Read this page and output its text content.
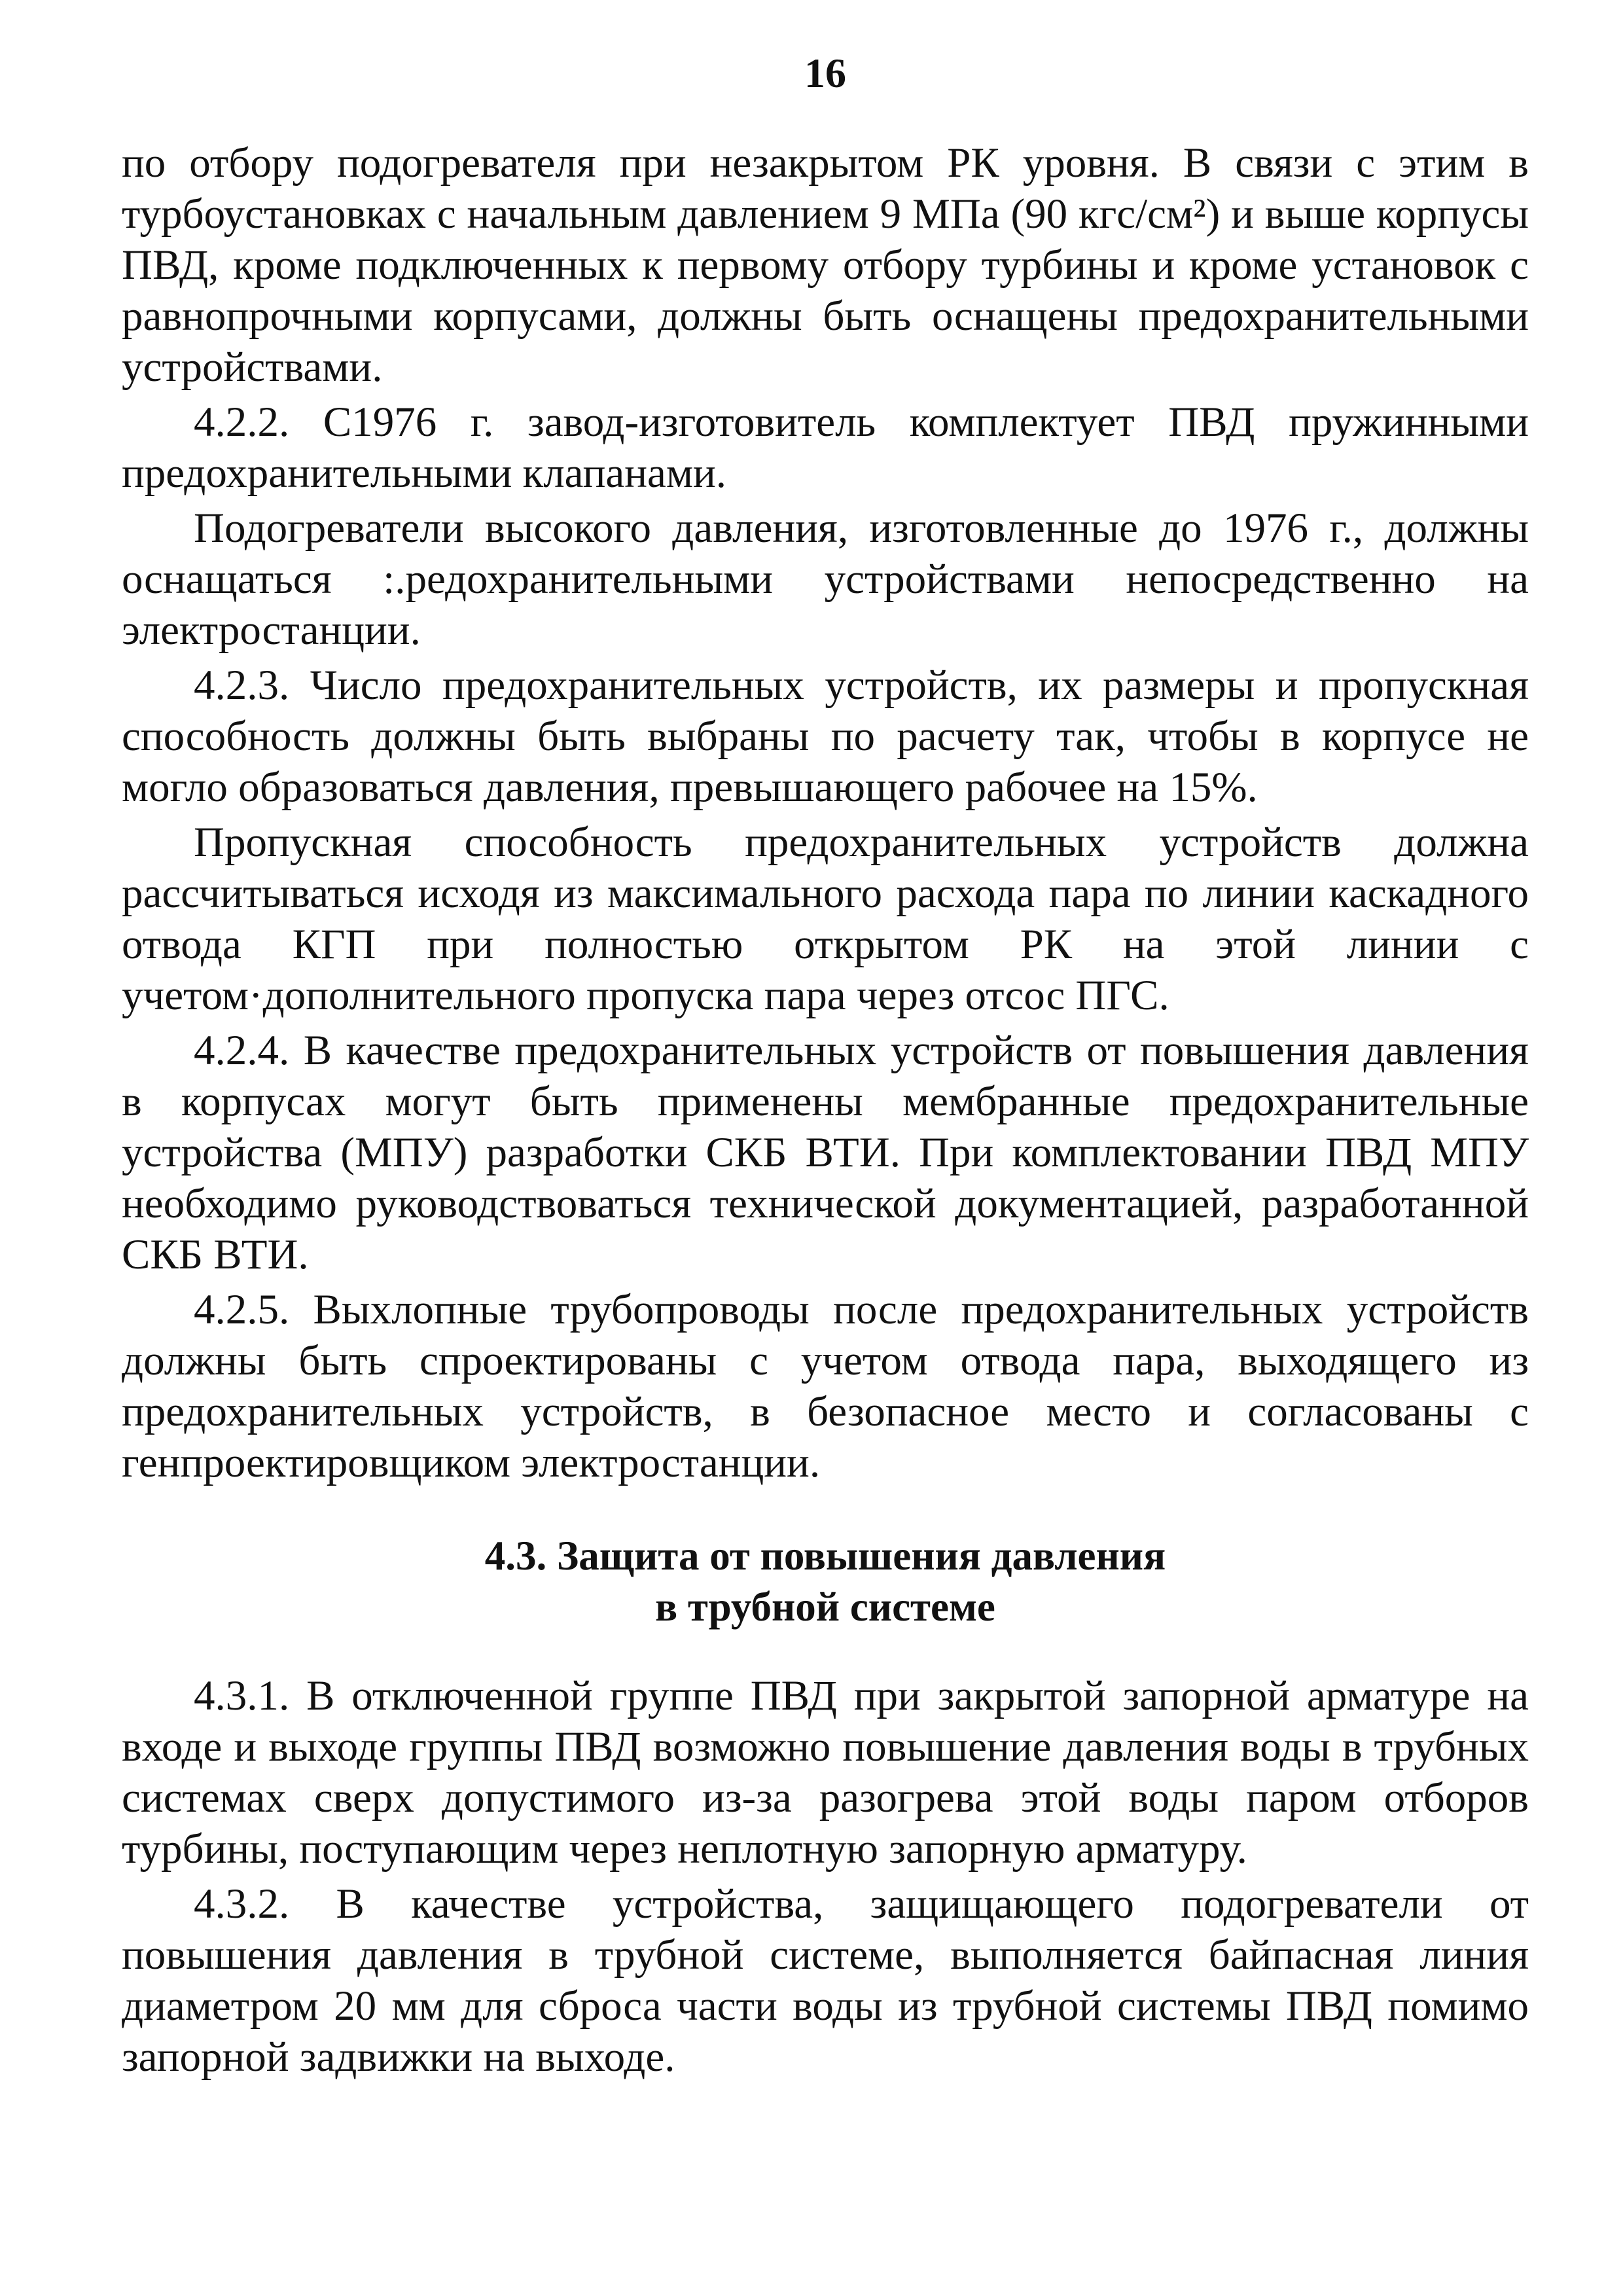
16

по отбору подогревателя при незакрытом РК уровня. В связи с этим в турбоустановках с начальным давлением 9 МПа (90 кгс/см²) и выше корпусы ПВД, кроме подключенных к первому отбору турбины и кроме установок с равнопрочными корпусами, должны быть оснащены предохранительными устройствами.

4.2.2. С1976 г. завод-изготовитель комплектует ПВД пружинными предохранительными клапанами.

Подогреватели высокого давления, изготовленные до 1976 г., должны оснащаться :.редохранительными устройствами непосредственно на электростанции.

4.2.3. Число предохранительных устройств, их размеры и пропускная способность должны быть выбраны по расчету так, чтобы в корпусе не могло образоваться давления, превышающего рабочее на 15%.

Пропускная способность предохранительных устройств должна рассчитываться исходя из максимального расхода пара по линии каскадного отвода КГП при полностью открытом РК на этой линии с учетом·дополнительного пропуска пара через отсос ПГС.

4.2.4. В качестве предохранительных устройств от повышения давления в корпусах могут быть применены мембранные предохранительные устройства (МПУ) разработки СКБ ВТИ. При комплектовании ПВД МПУ необходимо руководствоваться технической документацией, разработанной СКБ ВТИ.

4.2.5. Выхлопные трубопроводы после предохранительных устройств должны быть спроектированы с учетом отвода пара, выходящего из предохранительных устройств, в безопасное место и согласованы с генпроектировщиком электростанции.

4.3. Защита от повышения давления
в трубной системе

4.3.1. В отключенной группе ПВД при закрытой запорной арматуре на входе и выходе группы ПВД возможно повышение давления воды в трубных системах сверх допустимого из-за разогрева этой воды паром отборов турбины, поступающим через неплотную запорную арматуру.

4.3.2. В качестве устройства, защищающего подогреватели от повышения давления в трубной системе, выполняется байпасная линия диаметром 20 мм для сброса части воды из трубной системы ПВД помимо запорной задвижки на выходе.
